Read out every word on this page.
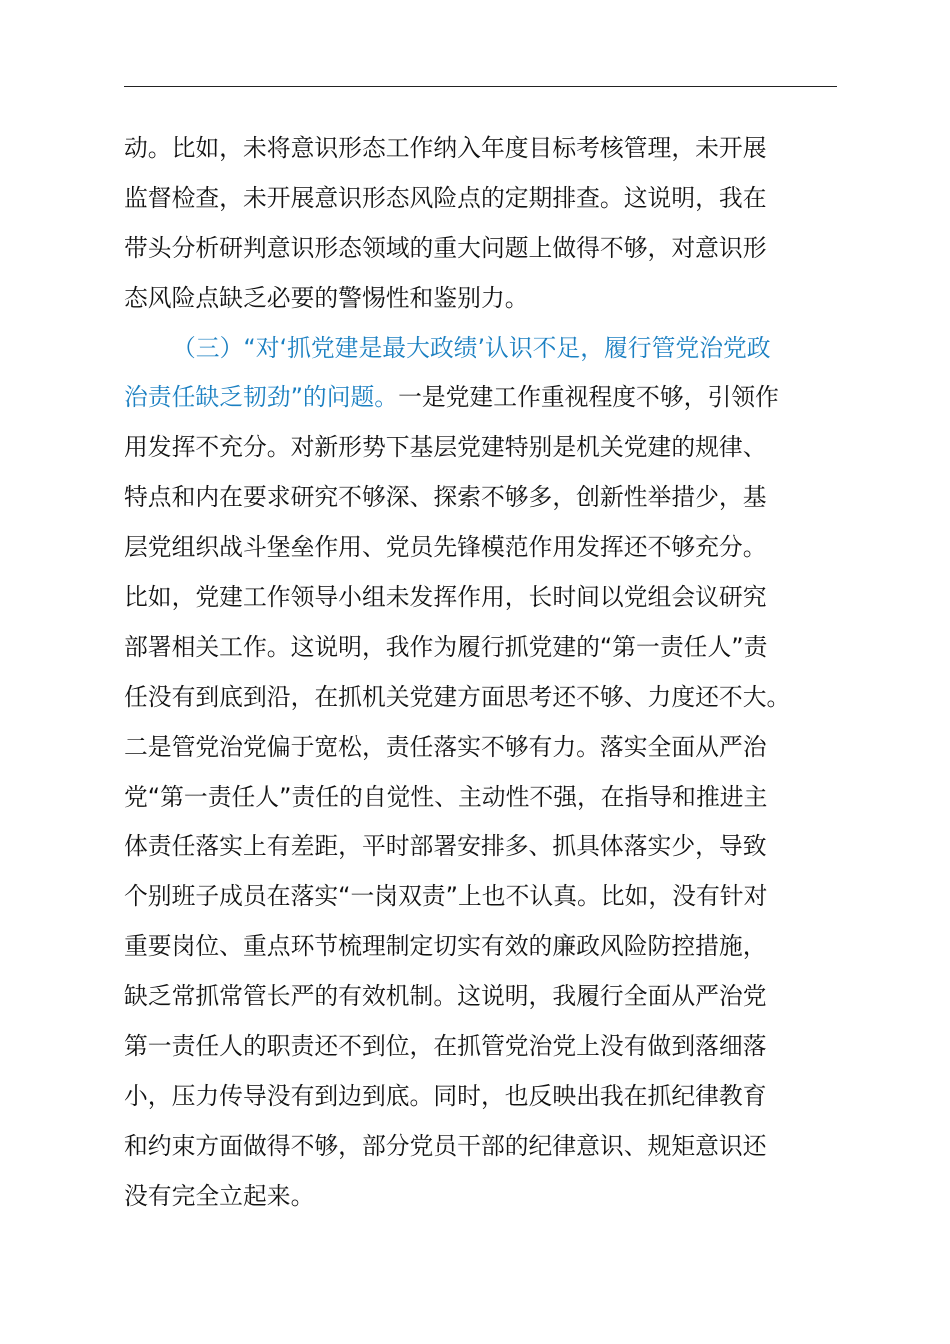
动。比如，未将意识形态工作纳入年度目标考核管理，未开展
监督检查，未开展意识形态风险点的定期排查。这说明，我在
带头分析研判意识形态领域的重大问题上做得不够，对意识形
态风险点缺乏必要的警惕性和鉴别力。
（三）“对‘抓党建是最大政绩’认识不足，履行管党治党政
治责任缺乏韧劲”的问题。一是党建工作重视程度不够，引领作
用发挥不充分。对新形势下基层党建特别是机关党建的规律、
特点和内在要求研究不够深、探索不够多，创新性举措少，基
层党组织战斗堡垒作用、党员先锋模范作用发挥还不够充分。
比如，党建工作领导小组未发挥作用，长时间以党组会议研究
部署相关工作。这说明，我作为履行抓党建的“第一责任人”责
任没有到底到沿，在抓机关党建方面思考还不够、力度还不大。
二是管党治党偏于宽松，责任落实不够有力。落实全面从严治
党“第一责任人”责任的自觉性、主动性不强，在指导和推进主
体责任落实上有差距，平时部署安排多、抓具体落实少，导致
个别班子成员在落实“一岗双责”上也不认真。比如，没有针对
重要岗位、重点环节梳理制定切实有效的廉政风险防控措施，
缺乏常抓常管长严的有效机制。这说明，我履行全面从严治党
第一责任人的职责还不到位，在抓管党治党上没有做到落细落
小，压力传导没有到边到底。同时，也反映出我在抓纪律教育
和约束方面做得不够，部分党员干部的纪律意识、规矩意识还
没有完全立起来。
